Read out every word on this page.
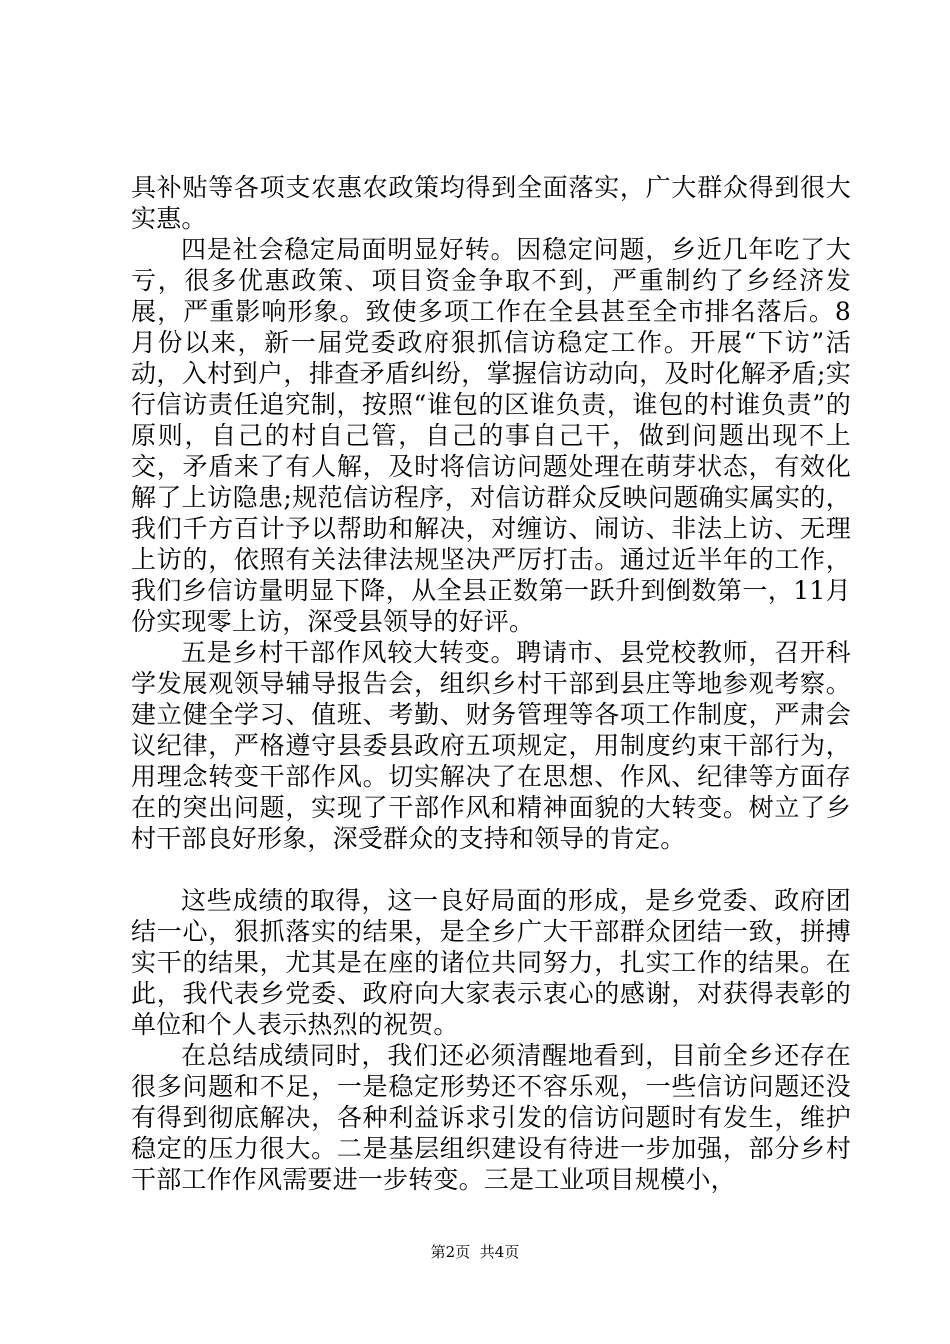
具补贴等各项支农惠农政策均得到全面落实，广大群众得到很大实惠。

四是社会稳定局面明显好转。因稳定问题，乡近几年吃了大亏，很多优惠政策、项目资金争取不到，严重制约了乡经济发展，严重影响形象。致使多项工作在全县甚至全市排名落后。8月份以来，新一届党委政府狠抓信访稳定工作。开展“下访”活动，入村到户，排查矛盾纠纷，掌握信访动向，及时化解矛盾;实行信访责任追究制，按照“谁包的区谁负责，谁包的村谁负责”的原则，自己的村自己管，自己的事自己干，做到问题出现不上交，矛盾来了有人解，及时将信访问题处理在萌芽状态，有效化解了上访隐患;规范信访程序，对信访群众反映问题确实属实的，我们千方百计予以帮助和解决，对缠访、闹访、非法上访、无理上访的，依照有关法律法规坚决严厉打击。通过近半年的工作，我们乡信访量明显下降，从全县正数第一跃升到倒数第一，11月份实现零上访，深受县领导的好评。

五是乡村干部作风较大转变。聘请市、县党校教师，召开科学发展观领导辅导报告会，组织乡村干部到县庄等地参观考察。建立健全学习、值班、考勤、财务管理等各项工作制度，严肃会议纪律，严格遵守县委县政府五项规定，用制度约束干部行为，用理念转变干部作风。切实解决了在思想、作风、纪律等方面存在的突出问题，实现了干部作风和精神面貌的大转变。树立了乡村干部良好形象，深受群众的支持和领导的肯定。

这些成绩的取得，这一良好局面的形成，是乡党委、政府团结一心，狠抓落实的结果，是全乡广大干部群众团结一致，拼搏实干的结果，尤其是在座的诸位共同努力，扎实工作的结果。在此，我代表乡党委、政府向大家表示衷心的感谢，对获得表彰的单位和个人表示热烈的祝贺。

在总结成绩同时，我们还必须清醒地看到，目前全乡还存在很多问题和不足，一是稳定形势还不容乐观，一些信访问题还没有得到彻底解决，各种利益诉求引发的信访问题时有发生，维护稳定的压力很大。二是基层组织建设有待进一步加强，部分乡村干部工作作风需要进一步转变。三是工业项目规模小，

第2页  共4页
